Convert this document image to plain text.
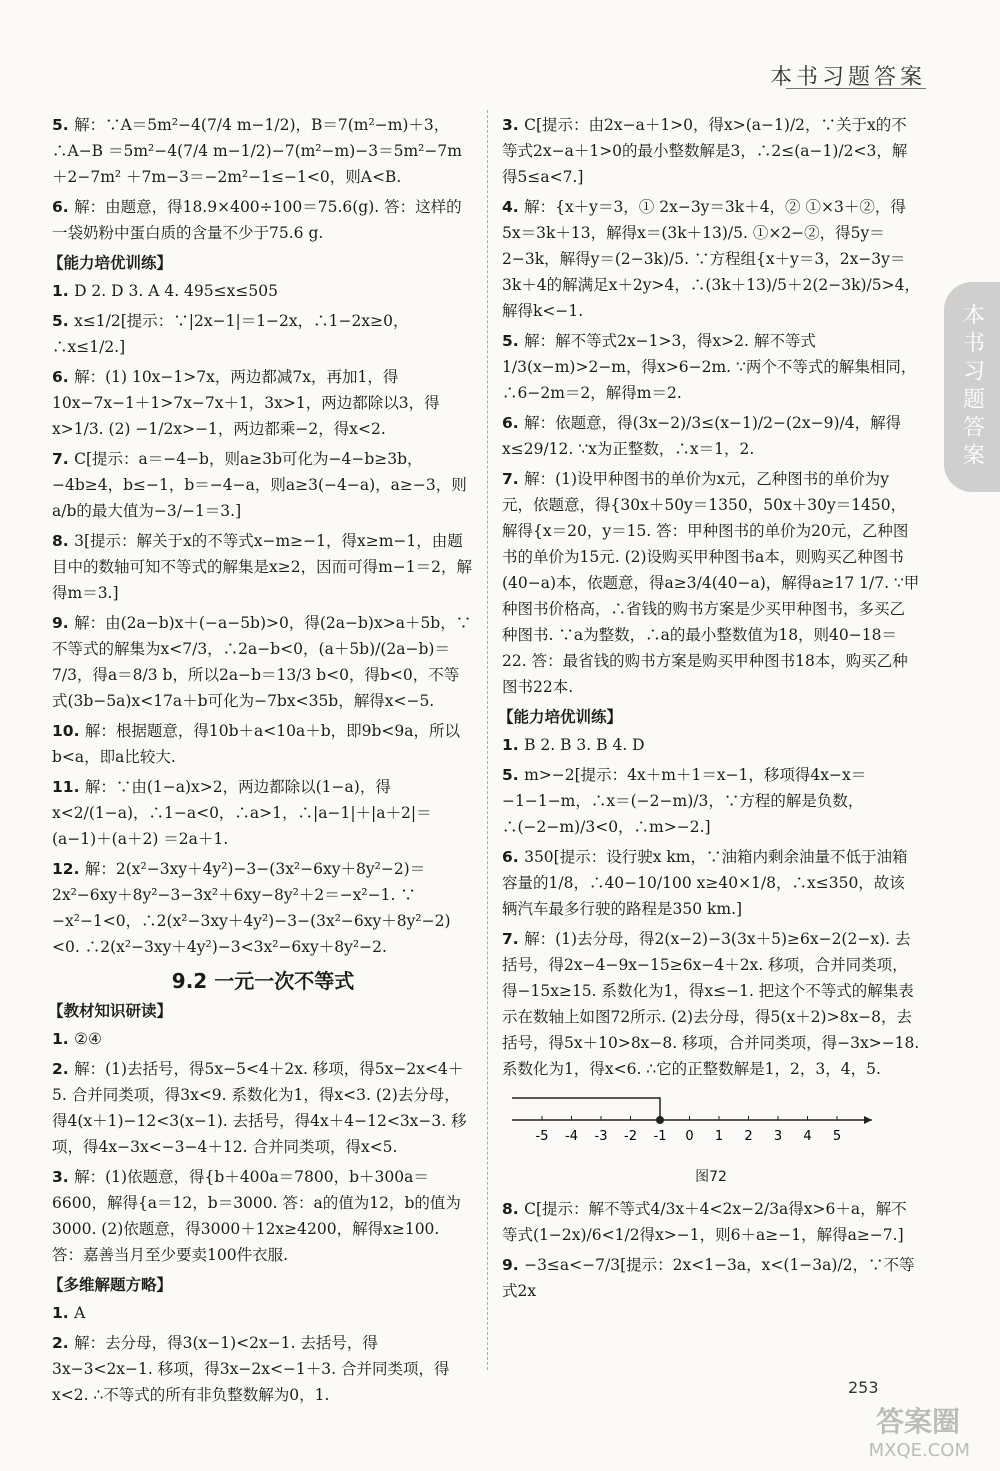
本书习题答案
本书习题答案
5. 解：∵A＝5m²−4(7/4 m−1/2)，B＝7(m²−m)＋3，∴A−B ＝5m²−4(7/4 m−1/2)−7(m²−m)−3＝5m²−7m＋2−7m² ＋7m−3＝−2m²−1≤−1<0，则A<B.
6. 解：由题意，得18.9×400÷100＝75.6(g). 答：这样的一袋奶粉中蛋白质的含量不少于75.6 g.
【能力培优训练】
1. D 2. D 3. A 4. 495≤x≤505
5. x≤1/2[提示：∵|2x−1|＝1−2x，∴1−2x≥0，∴x≤1/2.]
6. 解：(1) 10x−1>7x，两边都减7x，再加1，得10x−7x−1＋1>7x−7x＋1，3x>1，两边都除以3，得x>1/3. (2) −1/2x>−1，两边都乘−2，得x<2.
7. C[提示：a＝−4−b，则a≥3b可化为−4−b≥3b，−4b≥4，b≤−1，b＝−4−a，则a≥3(−4−a)，a≥−3，则a/b的最大值为−3/−1＝3.]
8. 3[提示：解关于x的不等式x−m≥−1，得x≥m−1，由题目中的数轴可知不等式的解集是x≥2，因而可得m−1＝2，解得m＝3.]
9. 解：由(2a−b)x＋(−a−5b)>0，得(2a−b)x>a＋5b，∵不等式的解集为x<7/3，∴2a−b<0，(a＋5b)/(2a−b)＝7/3，得a＝8/3 b，所以2a−b＝13/3 b<0，得b<0，不等式(3b−5a)x<17a＋b可化为−7bx<35b，解得x<−5.
10. 解：根据题意，得10b＋a<10a＋b，即9b<9a，所以b<a，即a比较大.
11. 解：∵由(1−a)x>2，两边都除以(1−a)，得x<2/(1−a)，∴1−a<0，∴a>1，∴|a−1|＋|a＋2|＝(a−1)＋(a＋2) ＝2a＋1.
12. 解：2(x²−3xy＋4y²)−3−(3x²−6xy＋8y²−2)＝2x²−6xy＋8y²−3−3x²＋6xy−8y²＋2＝−x²−1. ∵ −x²−1<0，∴2(x²−3xy＋4y²)−3−(3x²−6xy＋8y²−2)<0. ∴2(x²−3xy＋4y²)−3<3x²−6xy＋8y²−2.
9.2 一元一次不等式
【教材知识研读】
1. ②④
2. 解：(1)去括号，得5x−5<4＋2x. 移项，得5x−2x<4＋5. 合并同类项，得3x<9. 系数化为1，得x<3. (2)去分母，得4(x＋1)−12<3(x−1). 去括号，得4x＋4−12<3x−3. 移项，得4x−3x<−3−4＋12. 合并同类项，得x<5.
3. 解：(1)依题意，得{b＋400a＝7800，b＋300a＝6600，解得{a＝12，b＝3000. 答：a的值为12，b的值为3000. (2)依题意，得3000＋12x≥4200，解得x≥100. 答：嘉善当月至少要卖100件衣服.
【多维解题方略】
1. A
2. 解：去分母，得3(x−1)<2x−1. 去括号，得3x−3<2x−1. 移项，得3x−2x<−1＋3. 合并同类项，得x<2. ∴不等式的所有非负整数解为0，1.
3. C[提示：由2x−a＋1>0，得x>(a−1)/2，∵关于x的不等式2x−a＋1>0的最小整数解是3，∴2≤(a−1)/2<3，解得5≤a<7.]
4. 解：{x＋y＝3，① 2x−3y＝3k＋4，② ①×3＋②，得5x＝3k＋13，解得x＝(3k＋13)/5. ①×2−②，得5y＝2−3k，解得y＝(2−3k)/5. ∵方程组{x＋y＝3，2x−3y＝3k＋4的解满足x＋2y>4，∴(3k＋13)/5＋2(2−3k)/5>4，解得k<−1.
5. 解：解不等式2x−1>3，得x>2. 解不等式1/3(x−m)>2−m，得x>6−2m. ∵两个不等式的解集相同，∴6−2m＝2，解得m＝2.
6. 解：依题意，得(3x−2)/3≤(x−1)/2−(2x−9)/4，解得x≤29/12. ∵x为正整数，∴x＝1，2.
7. 解：(1)设甲种图书的单价为x元，乙种图书的单价为y元，依题意，得{30x＋50y＝1350，50x＋30y＝1450，解得{x＝20，y＝15. 答：甲种图书的单价为20元，乙种图书的单价为15元. (2)设购买甲种图书a本，则购买乙种图书(40−a)本，依题意，得a≥3/4(40−a)，解得a≥17 1/7. ∵甲种图书价格高，∴省钱的购书方案是少买甲种图书，多买乙种图书. ∵a为整数，∴a的最小整数值为18，则40−18＝22. 答：最省钱的购书方案是购买甲种图书18本，购买乙种图书22本.
【能力培优训练】
1. B 2. B 3. B 4. D
5. m>−2[提示：4x＋m＋1＝x−1，移项得4x−x＝−1−1−m，∴x＝(−2−m)/3，∵方程的解是负数，∴(−2−m)/3<0，∴m>−2.]
6. 350[提示：设行驶x km，∵油箱内剩余油量不低于油箱容量的1/8，∴40−10/100 x≥40×1/8，∴x≤350，故该辆汽车最多行驶的路程是350 km.]
7. 解：(1)去分母，得2(x−2)−3(3x＋5)≥6x−2(2−x). 去括号，得2x−4−9x−15≥6x−4＋2x. 移项，合并同类项，得−15x≥15. 系数化为1，得x≤−1. 把这个不等式的解集表示在数轴上如图72所示. (2)去分母，得5(x＋2)>8x−8，去括号，得5x＋10>8x−8. 移项，合并同类项，得−3x>−18. 系数化为1，得x<6. ∴它的正整数解是1，2，3，4，5.
-5 -4 -3 -2 -1 0 1 2 3 4 5
图72
8. C[提示：解不等式4/3x＋4<2x−2/3a得x>6＋a，解不等式(1−2x)/6<1/2得x>−1，则6＋a≥−1，解得a≥−7.]
9. −3≤a<−7/3[提示：2x<1−3a，x<(1−3a)/2，∵不等式2x
253
答案圈
MXQE.COM
